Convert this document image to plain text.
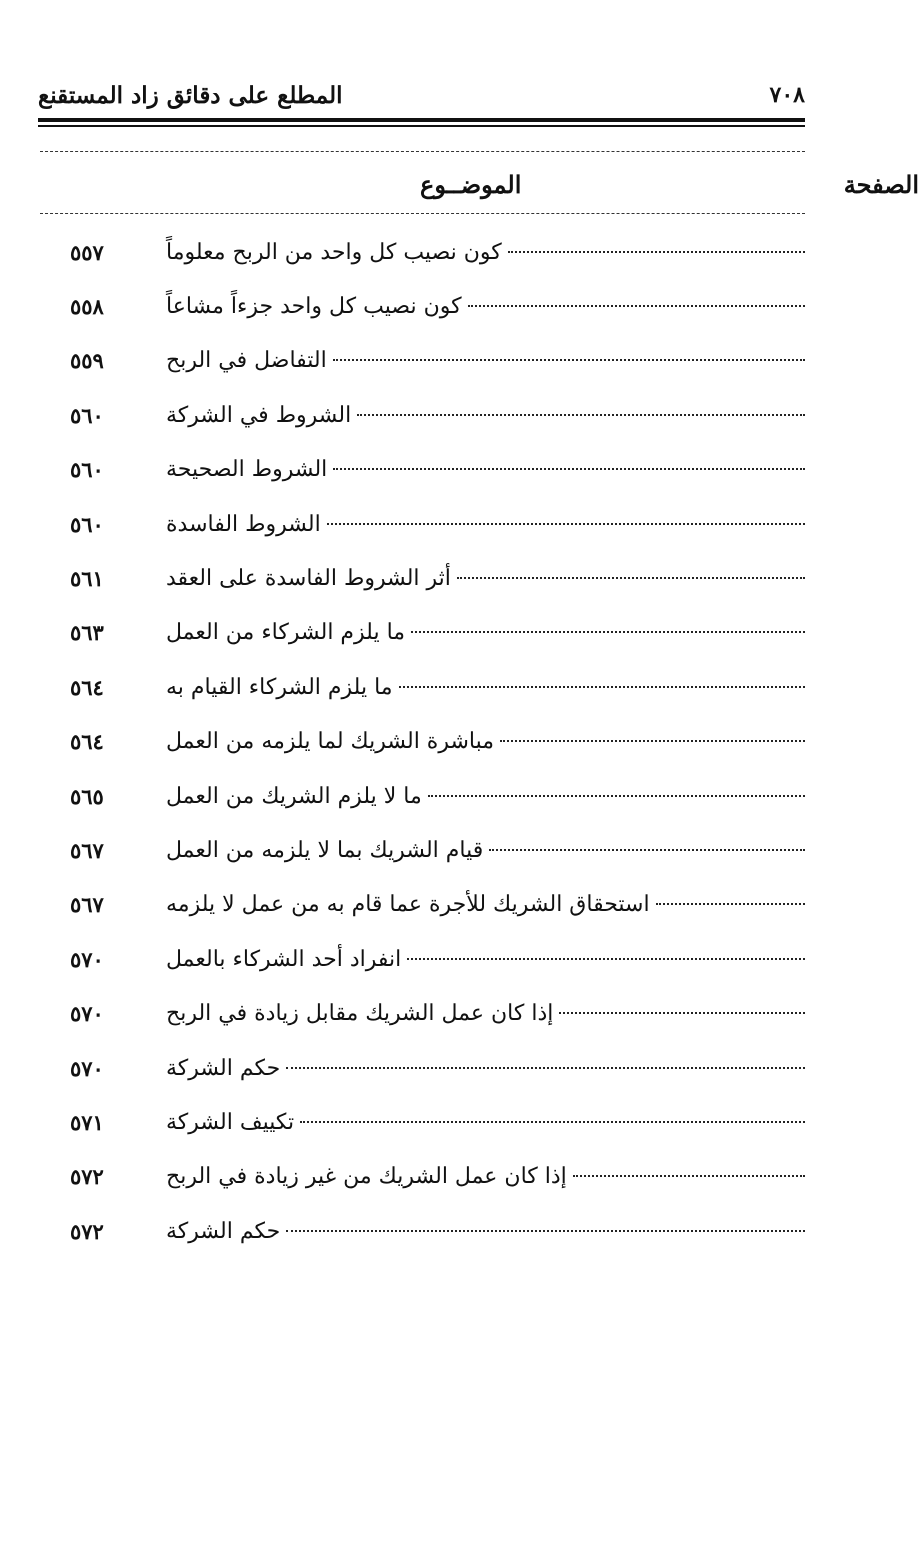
المطلع على دقائق زاد المستقنع	٧٠٨
الموضــوع	الصفحة
٥٥٧	كون نصيب كل واحد من الربح معلوماً
٥٥٨	كون نصيب كل واحد جزءاً مشاعاً
٥٥٩	التفاضل في الربح
٥٦٠	الشروط في الشركة
٥٦٠	الشروط الصحيحة
٥٦٠	الشروط الفاسدة
٥٦١	أثر الشروط الفاسدة على العقد
٥٦٣	ما يلزم الشركاء من العمل
٥٦٤	ما يلزم الشركاء القيام به
٥٦٤	مباشرة الشريك لما يلزمه من العمل
٥٦٥	ما لا يلزم الشريك من العمل
٥٦٧	قيام الشريك بما لا يلزمه من العمل
٥٦٧	استحقاق الشريك للأجرة عما قام به من عمل لا يلزمه
٥٧٠	انفراد أحد الشركاء بالعمل
٥٧٠	إذا كان عمل الشريك مقابل زيادة في الربح
٥٧٠	حكم الشركة
٥٧١	تكييف الشركة
٥٧٢	إذا كان عمل الشريك من غير زيادة في الربح
٥٧٢	حكم الشركة
